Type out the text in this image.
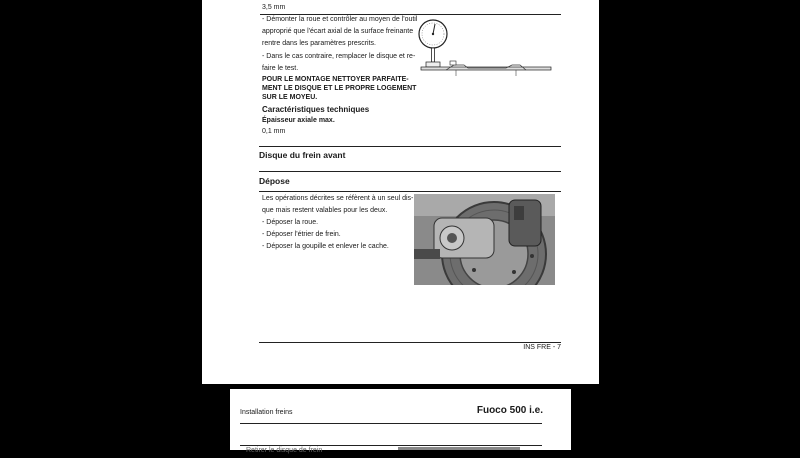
3,5 mm
- Démonter la roue et contrôler au moyen de l'outil
approprié que l'écart axial de la surface freinante
rentre dans les paramètres prescrits.
- Dans le cas contraire, remplacer le disque et re-
faire le test.
POUR LE MONTAGE NETTOYER PARFAITE-
MENT LE DISQUE ET LE PROPRE LOGEMENT
SUR LE MOYEU.
Caractéristiques techniques
Épaisseur axiale max.
0,1 mm
Disque du frein avant
Dépose
Les opérations décrites se réfèrent à un seul dis-
que mais restent valables pour les deux.
- Déposer la roue.
- Déposer l'étrier de frein.
- Déposer la goupille et enlever le cache.
INS FRE - 7
Installation freins	Fuoco 500 i.e.
Retirer le disque de frein
